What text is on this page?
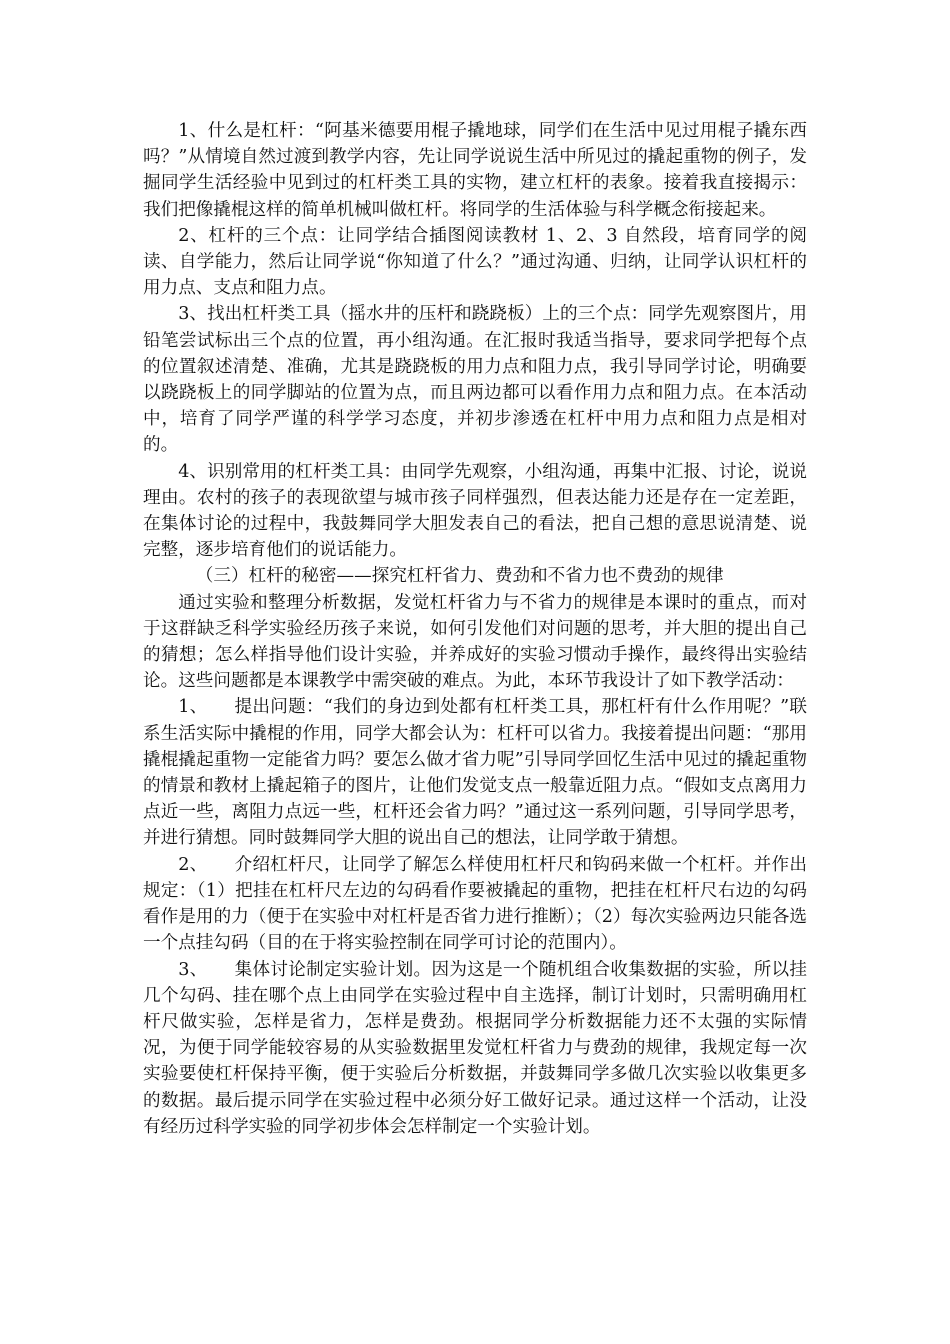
1、什么是杠杆：“阿基米德要用棍子撬地球，同学们在生活中见过用棍子撬东西吗？”从情境自然过渡到教学内容，先让同学说说生活中所见过的撬起重物的例子，发掘同学生活经验中见到过的杠杆类工具的实物，建立杠杆的表象。接着我直接揭示：我们把像撬棍这样的简单机械叫做杠杆。将同学的生活体验与科学概念衔接起来。

2、杠杆的三个点：让同学结合插图阅读教材 1、2、3 自然段，培育同学的阅读、自学能力，然后让同学说“你知道了什么？”通过沟通、归纳，让同学认识杠杆的用力点、支点和阻力点。

3、找出杠杆类工具（摇水井的压杆和跷跷板）上的三个点：同学先观察图片，用铅笔尝试标出三个点的位置，再小组沟通。在汇报时我适当指导，要求同学把每个点的位置叙述清楚、准确，尤其是跷跷板的用力点和阻力点，我引导同学讨论，明确要以跷跷板上的同学脚站的位置为点，而且两边都可以看作用力点和阻力点。在本活动中，培育了同学严谨的科学学习态度，并初步渗透在杠杆中用力点和阻力点是相对的。

4、识别常用的杠杆类工具：由同学先观察，小组沟通，再集中汇报、讨论，说说理由。农村的孩子的表现欲望与城市孩子同样强烈，但表达能力还是存在一定差距，在集体讨论的过程中，我鼓舞同学大胆发表自己的看法，把自己想的意思说清楚、说完整，逐步培育他们的说话能力。

（三）杠杆的秘密——探究杠杆省力、费劲和不省力也不费劲的规律

通过实验和整理分析数据，发觉杠杆省力与不省力的规律是本课时的重点，而对于这群缺乏科学实验经历孩子来说，如何引发他们对问题的思考，并大胆的提出自己的猜想；怎么样指导他们设计实验，并养成好的实验习惯动手操作，最终得出实验结论。这些问题都是本课教学中需突破的难点。为此，本环节我设计了如下教学活动：

1、　　提出问题：“我们的身边到处都有杠杆类工具，那杠杆有什么作用呢？”联系生活实际中撬棍的作用，同学大都会认为：杠杆可以省力。我接着提出问题：“那用撬棍撬起重物一定能省力吗？要怎么做才省力呢”引导同学回忆生活中见过的撬起重物的情景和教材上撬起箱子的图片，让他们发觉支点一般靠近阻力点。“假如支点离用力点近一些，离阻力点远一些，杠杆还会省力吗？”通过这一系列问题，引导同学思考，并进行猜想。同时鼓舞同学大胆的说出自己的想法，让同学敢于猜想。

2、　　介绍杠杆尺，让同学了解怎么样使用杠杆尺和钩码来做一个杠杆。并作出规定：（1）把挂在杠杆尺左边的勾码看作要被撬起的重物，把挂在杠杆尺右边的勾码看作是用的力（便于在实验中对杠杆是否省力进行推断）；（2）每次实验两边只能各选一个点挂勾码（目的在于将实验控制在同学可讨论的范围内）。

3、　　集体讨论制定实验计划。因为这是一个随机组合收集数据的实验，所以挂几个勾码、挂在哪个点上由同学在实验过程中自主选择，制订计划时，只需明确用杠杆尺做实验，怎样是省力，怎样是费劲。根据同学分析数据能力还不太强的实际情况，为便于同学能较容易的从实验数据里发觉杠杆省力与费劲的规律，我规定每一次实验要使杠杆保持平衡，便于实验后分析数据，并鼓舞同学多做几次实验以收集更多的数据。最后提示同学在实验过程中必须分好工做好记录。通过这样一个活动，让没有经历过科学实验的同学初步体会怎样制定一个实验计划。
